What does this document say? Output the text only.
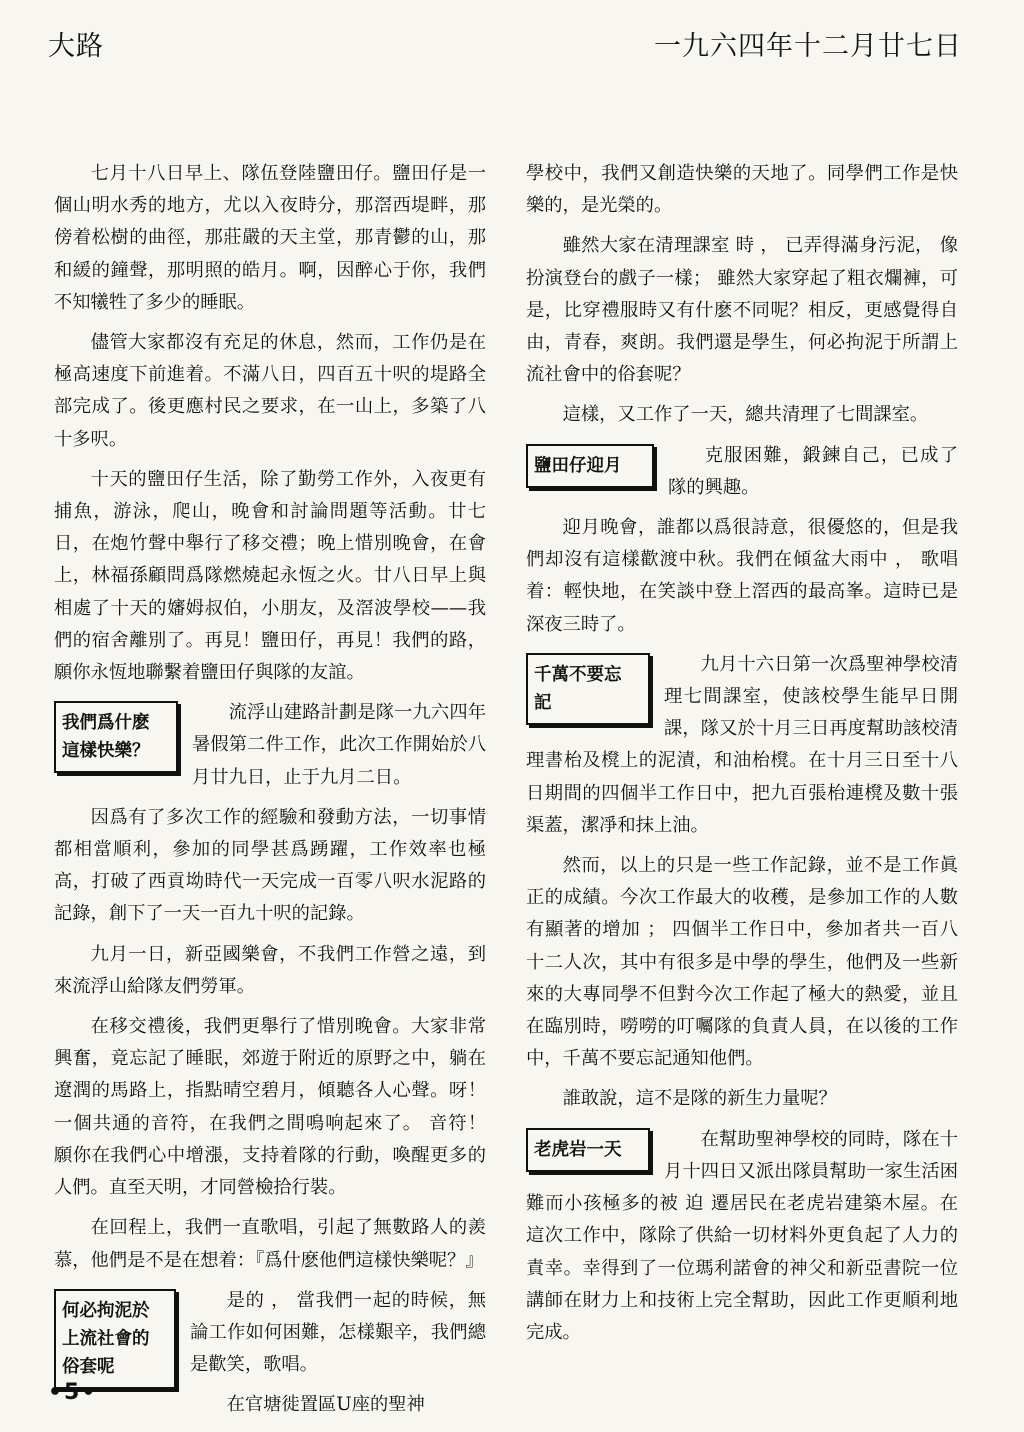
大路	一九六四年十二月廿七日

七月十八日早上、隊伍登陸鹽田仔。鹽田仔是一個山明水秀的地方，尤以入夜時分，那滘西堤畔，那傍着松樹的曲徑，那莊嚴的天主堂，那青鬱的山，那和緩的鐘聲，那明照的皓月。啊，因醉心于你，我們不知犧牲了多少的睡眠。

儘管大家都沒有充足的休息，然而，工作仍是在極高速度下前進着。不滿八日，四百五十呎的堤路全部完成了。後更應村民之要求，在一山上，多築了八十多呎。

十天的鹽田仔生活，除了勤勞工作外，入夜更有捕魚，游泳，爬山，晚會和討論問題等活動。廿七日，在炮竹聲中舉行了移交禮；晚上惜別晚會，在會上，林福孫顧問爲隊燃燒起永恆之火。廿八日早上與相處了十天的嬸姆叔伯，小朋友，及滘波學校——我們的宿舍離別了。再見！鹽田仔，再見！我們的路，願你永恆地聯繫着鹽田仔與隊的友誼。

我們爲什麽
這樣快樂？

流浮山建路計劃是隊一九六四年暑假第二件工作，此次工作開始於八月廿九日，止于九月二日。

因爲有了多次工作的經驗和發動方法，一切事情都相當順利，參加的同學甚爲踴躍，工作效率也極高，打破了西貢坳時代一天完成一百零八呎水泥路的記錄，創下了一天一百九十呎的記錄。

九月一日，新亞國樂會，不我們工作營之遠，到來流浮山給隊友們勞軍。

在移交禮後，我們更舉行了惜別晚會。大家非常興奮，竟忘記了睡眠，郊遊于附近的原野之中，躺在遼潤的馬路上，指點晴空碧月，傾聽各人心聲。呀！一個共通的音符，在我們之間鳴响起來了。 音符！ 願你在我們心中增漲，支持着隊的行動，喚醒更多的人們。直至天明，才同營檢拾行裝。

在回程上，我們一直歌唱，引起了無數路人的羨慕，他們是不是在想着：『爲什麽他們這樣快樂呢？』

何必拘泥於
上流社會的
俗套呢

是的 ， 當我們一起的時候，無論工作如何困難，怎樣艱辛，我們總是歡笑，歌唱。

在官塘徙置區U座的聖神

學校中，我們又創造快樂的天地了。同學們工作是快樂的，是光榮的。

雖然大家在清理課室 時 ， 已弄得滿身污泥， 像扮演登台的戲子一樣； 雖然大家穿起了粗衣爛褲，可是，比穿禮服時又有什麽不同呢？相反，更感覺得自由，青春，爽朗。我們還是學生，何必拘泥于所謂上流社會中的俗套呢？

這樣，又工作了一天，總共清理了七間課室。

鹽田仔迎月	克服困難，鍛鍊自己，已成了隊的興趣。

迎月晚會，誰都以爲很詩意，很優悠的，但是我們却沒有這樣歡渡中秋。我們在傾盆大雨中 ， 歌唱着：輕快地，在笑談中登上滘西的最高峯。這時已是深夜三時了。

千萬不要忘
記

九月十六日第一次爲聖神學校清理七間課室，使該校學生能早日開課，隊又於十月三日再度幫助該校清理書枱及櫈上的泥漬，和油枱櫈。在十月三日至十八日期間的四個半工作日中，把九百張枱連櫈及數十張渠蓋，潔凈和抹上油。

然而，以上的只是一些工作記錄，並不是工作眞正的成績。今次工作最大的收穫，是參加工作的人數有顯著的增加 ； 四個半工作日中，參加者共一百八十二人次，其中有很多是中學的學生，他們及一些新來的大專同學不但對今次工作起了極大的熱愛，並且在臨別時，嘮嘮的叮囑隊的負責人員，在以後的工作中，千萬不要忘記通知他們。

誰敢說，這不是隊的新生力量呢？

老虎岩一天	在幫助聖神學校的同時，隊在十月十四日又派出隊員幫助一家生活困難而小孩極多的被 迫 遷居民在老虎岩建築木屋。在這次工作中，隊除了供給一切材料外更負起了人力的責幸。幸得到了一位瑪利諾會的神父和新亞書院一位講師在財力上和技術上完全幫助，因此工作更順利地完成。

•5•
